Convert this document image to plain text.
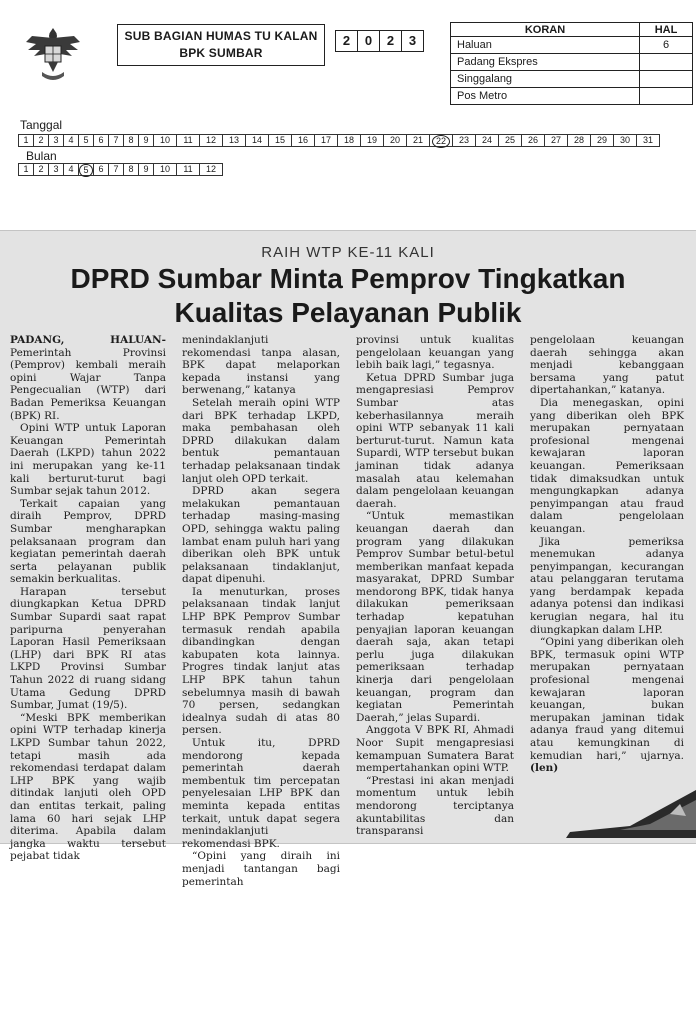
SUB BAGIAN HUMAS TU KALAN
BPK SUMBAR
2	0	2	3
KORAN	HAL
Haluan	6
Padang Ekspres	
Singgalang	
Pos Metro	
Tanggal
1	2	3	4	5	6	7	8	9	10	11	12	13	14	15	16	17	18	19	20	21	22	23	24	25	26	27	28	29	30	31
Bulan
1	2	3	4	5	6	7	8	9	10	11	12
RAIH WTP KE-11 KALI
DPRD Sumbar Minta Pemprov Tingkatkan
Kualitas Pelayanan Publik

PADANG, HALUAN- Pemerintah Provinsi (Pemprov) kembali meraih opini Wajar Tanpa Pengecualian (WTP) dari Badan Pemeriksa Keuangan (BPK) RI.

Opini WTP untuk Laporan Keuangan Pemerintah Daerah (LKPD) tahun 2022 ini merupakan yang ke-11 kali berturut-turut bagi Sumbar sejak tahun 2012.

Terkait capaian yang diraih Pemprov, DPRD Sumbar mengharapkan pelaksanaan program dan kegiatan pemerintah daerah serta pelayanan publik semakin berkualitas.

Harapan tersebut diungkapkan Ketua DPRD Sumbar Supardi saat rapat paripurna penyerahan Laporan Hasil Pemeriksaan (LHP) dari BPK RI atas LKPD Provinsi Sumbar Tahun 2022 di ruang sidang Utama Gedung DPRD Sumbar, Jumat (19/5).

“Meski BPK memberikan opini WTP terhadap kinerja LKPD Sumbar tahun 2022, tetapi masih ada rekomendasi terdapat dalam LHP BPK yang wajib ditindak lanjuti oleh OPD dan entitas terkait, paling lama 60 hari sejak LHP diterima. Apabila dalam jangka waktu tersebut pejabat tidak

menindaklanjuti rekomendasi tanpa alasan, BPK dapat melaporkan kepada instansi yang berwenang,” katanya

Setelah meraih opini WTP dari BPK terhadap LKPD, maka pembahasan oleh DPRD dilakukan dalam bentuk pemantauan terhadap pelaksanaan tindak lanjut oleh OPD terkait.

DPRD akan segera melakukan pemantauan terhadap masing-masing OPD, sehingga waktu paling lambat enam puluh hari yang diberikan oleh BPK untuk pelaksanaan tindaklanjut, dapat dipenuhi.

Ia menuturkan, proses pelaksanaan tindak lanjut LHP BPK Pemprov Sumbar termasuk rendah apabila dibandingkan dengan kabupaten kota lainnya. Progres tindak lanjut atas LHP BPK tahun tahun sebelumnya masih di bawah 70 persen, sedangkan idealnya sudah di atas 80 persen.

Untuk itu, DPRD mendorong kepada pemerintah daerah membentuk tim percepatan penyelesaian LHP BPK dan meminta kepada entitas terkait, untuk dapat segera menindaklanjuti rekomendasi BPK.

“Opini yang diraih ini menjadi tantangan bagi pemerintah

provinsi untuk kualitas pengelolaan keuangan yang lebih baik lagi,” tegasnya.

Ketua DPRD Sumbar juga mengapresiasi Pemprov Sumbar atas keberhasilannya meraih opini WTP sebanyak 11 kali berturut-turut. Namun kata Supardi, WTP tersebut bukan jaminan tidak adanya masalah atau kelemahan dalam pengelolaan keuangan daerah.

“Untuk memastikan keuangan daerah dan program yang dilakukan Pemprov Sumbar betul-betul memberikan manfaat kepada masyarakat, DPRD Sumbar mendorong BPK, tidak hanya dilakukan pemeriksaan terhadap kepatuhan penyajian laporan keuangan daerah saja, akan tetapi perlu juga dilakukan pemeriksaan terhadap kinerja dari pengelolaan keuangan, program dan kegiatan Pemerintah Daerah,” jelas Supardi.

Anggota V BPK RI, Ahmadi Noor Supit mengapresiasi kemampuan Sumatera Barat mempertahankan opini WTP.

“Prestasi ini akan menjadi momentum untuk lebih mendorong terciptanya akuntabilitas dan transparansi

pengelolaan keuangan daerah sehingga akan menjadi kebanggaan bersama yang patut dipertahankan,” katanya.

Dia menegaskan, opini yang diberikan oleh BPK merupakan pernyataan profesional mengenai kewajaran laporan keuangan. Pemeriksaan tidak dimaksudkan untuk mengungkapkan adanya penyimpangan atau fraud dalam pengelolaan keuangan.

Jika pemeriksa menemukan adanya penyimpangan, kecurangan atau pelanggaran terutama yang berdampak kepada adanya potensi dan indikasi kerugian negara, hal itu diungkapkan dalam LHP.

“Opini yang diberikan oleh BPK, termasuk opini WTP merupakan pernyataan profesional mengenai kewajaran laporan keuangan, bukan merupakan jaminan tidak adanya fraud yang ditemui atau kemungkinan di kemudian hari,” ujarnya. (len)
